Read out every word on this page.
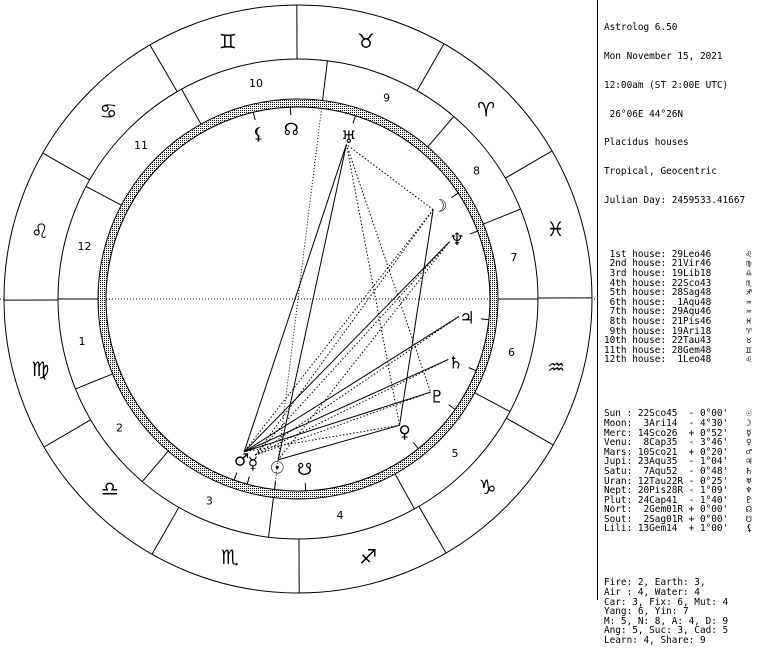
♈
♉
♊
♋
♌
♍
♎
♏	♐
♑
♒
♓
1
2
3
4
5
6
7
8
9
10
11
12
☉
☽
☿
♀
♂
♃
♄
♅
♆
♇
☊
☋
⚸

Astrolog 6.50

Mon November 15, 2021

12:00am (ST 2:00E UTC)

26°06E 44°26N

Placidus houses

Tropical, Geocentric

Julian Day: 2459533.41667

1st house: 29Leo46	♌
2nd house: 21Vir46	♍
3rd house: 19Lib18	♎
4th house: 22Sco43	♏
5th house: 28Sag48	♐
6th house:  1Aqu48	♒
7th house: 29Aqu46	♒
8th house: 21Pis46	♓
9th house: 19Ari18	♈
10th house: 22Tau43	♉
11th house: 28Gem48	♊
12th house:  1Leo48	♌

Sun : 22Sco45  - 0°00' ☉
Moon:  3Ari14  - 4°30' ☽
Merc: 14Sco26  + 0°52' ☿
Venu:  8Cap35  - 3°46' ♀
Mars: 10Sco21  + 0°20' ♂
Jupi: 23Aqu35  - 1°04' ♃
Satu:  7Aqu52  - 0°48' ♄
Uran: 12Tau22R - 0°25' ♅
Nept: 20Pis28R - 1°09' ♆
Plut: 24Cap41  - 1°40' ♇
Nort:  2Gem01R + 0°00' ☊
Sout:  2Sag01R + 0°00' ☋
Lili: 13Gem14  + 1°00' ⚸

Fire: 2, Earth: 3,
Air : 4, Water: 4
Car: 3, Fix: 6, Mut: 4
Yang: 6, Yin: 7
M: 5, N: 8, A: 4, D: 9
Ang: 5, Suc: 3, Cad: 5
Learn: 4, Share: 9
